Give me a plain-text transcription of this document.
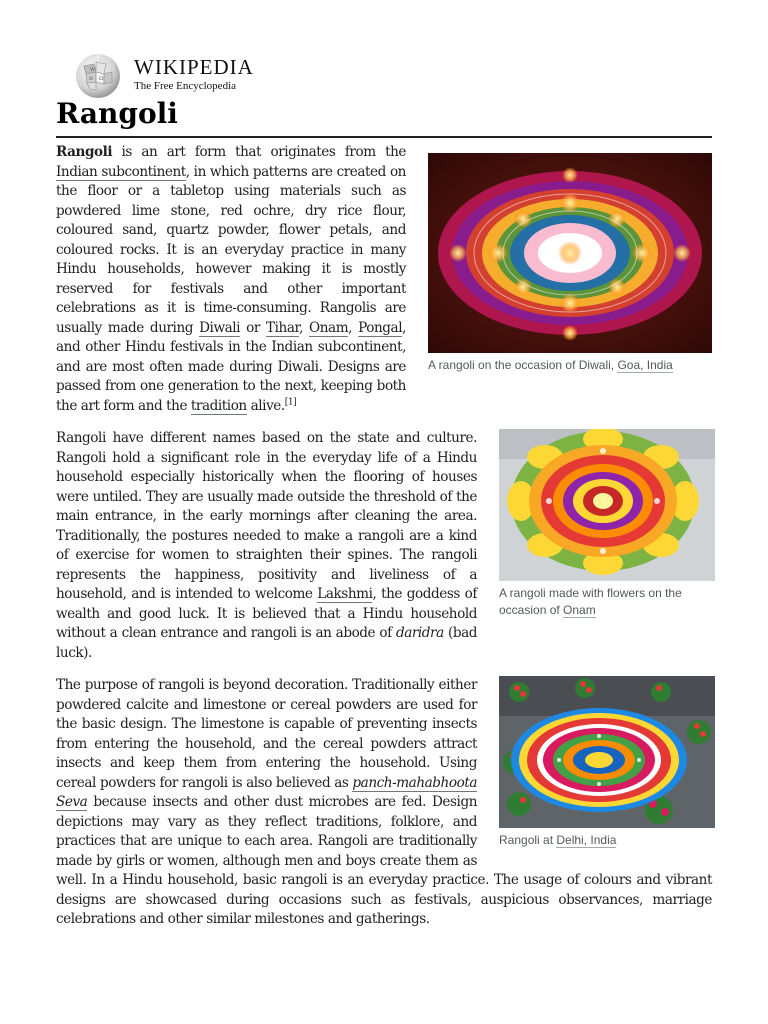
W
Ω
И
WIKIPEDIA
The Free Encyclopedia
Rangoli
A rangoli on the occasion of Diwali, Goa, India

Rangoli is an art form that originates from the Indian subcontinent, in which patterns are created on the floor or a tabletop using materials such as powdered lime stone, red ochre, dry rice flour, coloured sand, quartz powder, flower petals, and coloured rocks. It is an everyday practice in many Hindu households, however making it is mostly reserved for festivals and other important celebrations as it is time-consuming. Rangolis are usually made during Diwali or Tihar, Onam, Pongal, and other Hindu festivals in the Indian subcontinent, and are most often made during Diwali. Designs are passed from one generation to the next, keeping both the art form and the tradition alive.[1]

A rangoli made with flowers on the occasion of Onam

Rangoli have different names based on the state and culture. Rangoli hold a significant role in the everyday life of a Hindu household especially historically when the flooring of houses were untiled. They are usually made outside the threshold of the main entrance, in the early mornings after cleaning the area. Traditionally, the postures needed to make a rangoli are a kind of exercise for women to straighten their spines. The rangoli represents the happiness, positivity and liveliness of a household, and is intended to welcome Lakshmi, the goddess of wealth and good luck. It is believed that a Hindu household without a clean entrance and rangoli is an abode of daridra (bad luck).

Rangoli at Delhi, India

The purpose of rangoli is beyond decoration. Traditionally either powdered calcite and limestone or cereal powders are used for the basic design. The limestone is capable of preventing insects from entering the household, and the cereal powders attract insects and keep them from entering the household. Using cereal powders for rangoli is also believed as panch-mahabhoota Seva because insects and other dust microbes are fed. Design depictions may vary as they reflect traditions, folklore, and practices that are unique to each area. Rangoli are traditionally made by girls or women, although men and boys create them as well. In a Hindu household, basic rangoli is an everyday practice. The usage of colours and vibrant designs are showcased during occasions such as festivals, auspicious observances, marriage celebrations and other similar milestones and gatherings.
